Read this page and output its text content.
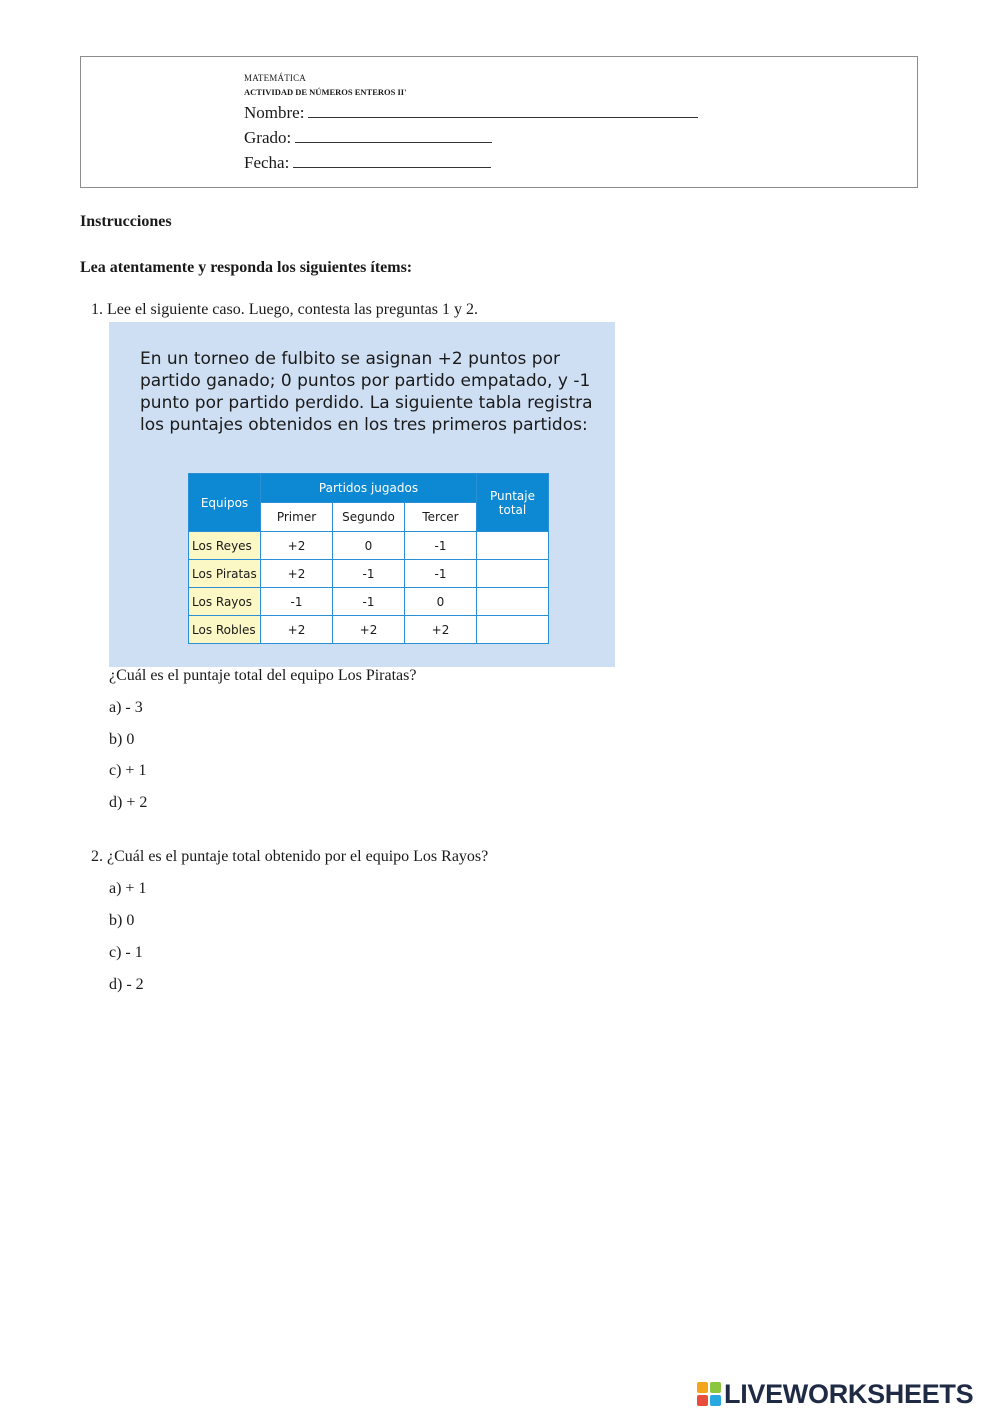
MATEMÁTICA
ACTIVIDAD DE NÚMEROS ENTEROS II'
Nombre:
Grado:
Fecha:
Instrucciones
Lea atentamente y responda los siguientes ítems:
1. Lee el siguiente caso. Luego, contesta las preguntas 1 y 2.
En un torneo de fulbito se asignan +2 puntos por partido ganado; 0 puntos por partido empatado, y -1 punto por partido perdido. La siguiente tabla registra los puntajes obtenidos en los tres primeros partidos:
Equipos	Partidos jugados			Puntaje total
	Primer	Segundo	Tercer	
Los Reyes	+2	0	-1	
Los Piratas	+2	-1	-1	
Los Rayos	-1	-1	0	
Los Robles	+2	+2	+2	
¿Cuál es el puntaje total del equipo Los Piratas?
a) - 3
b) 0
c) + 1
d) + 2
2. ¿Cuál es el puntaje total obtenido por el equipo Los Rayos?
a) + 1
b) 0
c) - 1
d) - 2
LIVEWORKSHEETS
